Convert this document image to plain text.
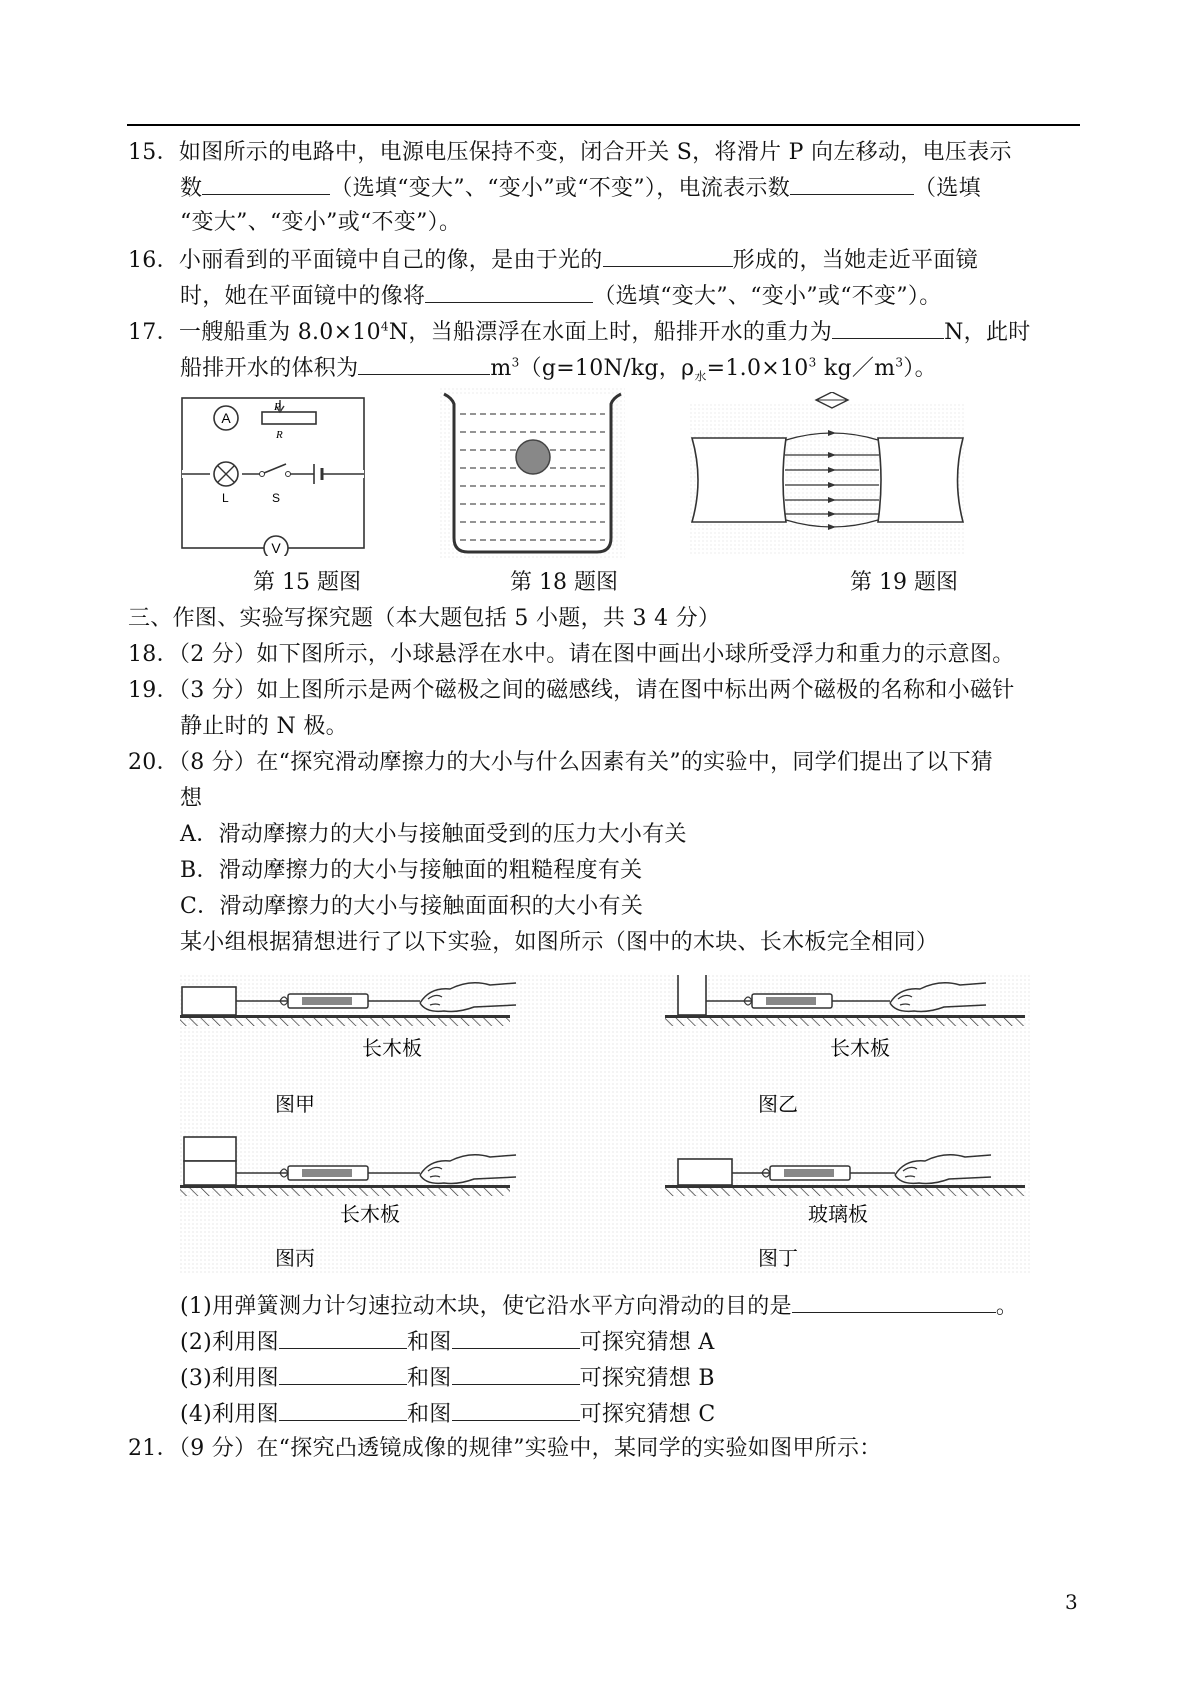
15．如图所示的电路中，电源电压保持不变，闭合开关 S，将滑片 P 向左移动，电压表示
数	（选填“变大”、“变小”或“不变”），电流表示数	（选填
“变大”、“变小”或“不变”）。
16．小丽看到的平面镜中自己的像，是由于光的	形成的，当她走近平面镜
时，她在平面镜中的像将	（选填“变大”、“变小”或“不变”）。
17．一艘船重为 $8.0\times 10^4N$，当船漂浮在水面上时，船排开水的重力为	N，此时
船排开水的体积为	$m^3(g=10N/kg$，$\rho_水=1.0\times 10^3$ $kg/m^3$）。
A
P
R
L	S
V
第 15 题图	第 18 题图	第 19 题图
三、作图、实验写探究题（本大题包括 5 小题，共 3 4 分）
18．（2 分）如下图所示，小球悬浮在水中。请在图中画出小球所受浮力和重力的示意图。
19．（3 分）如上图所示是两个磁极之间的磁感线，请在图中标出两个磁极的名称和小磁针
静止时的 N 极。
20．（8 分）在“探究滑动摩擦力的大小与什么因素有关”的实验中，同学们提出了以下猜
想
A．滑动摩擦力的大小与接触面受到的压力大小有关
B．滑动摩擦力的大小与接触面的粗糙程度有关
C．滑动摩擦力的大小与接触面面积的大小有关
某小组根据猜想进行了以下实验，如图所示（图中的木块、长木板完全相同）
长木板
图甲
长木板
图乙
长木板
图丙
玻璃板
图丁
(1)用弹簧测力计匀速拉动木块，使它沿水平方向滑动的目的是	。
(2)利用图	和图	可探究猜想 A
(3)利用图	和图	可探究猜想 B
(4)利用图	和图	可探究猜想 C
21．（9 分）在“探究凸透镜成像的规律”实验中，某同学的实验如图甲所示：
3
